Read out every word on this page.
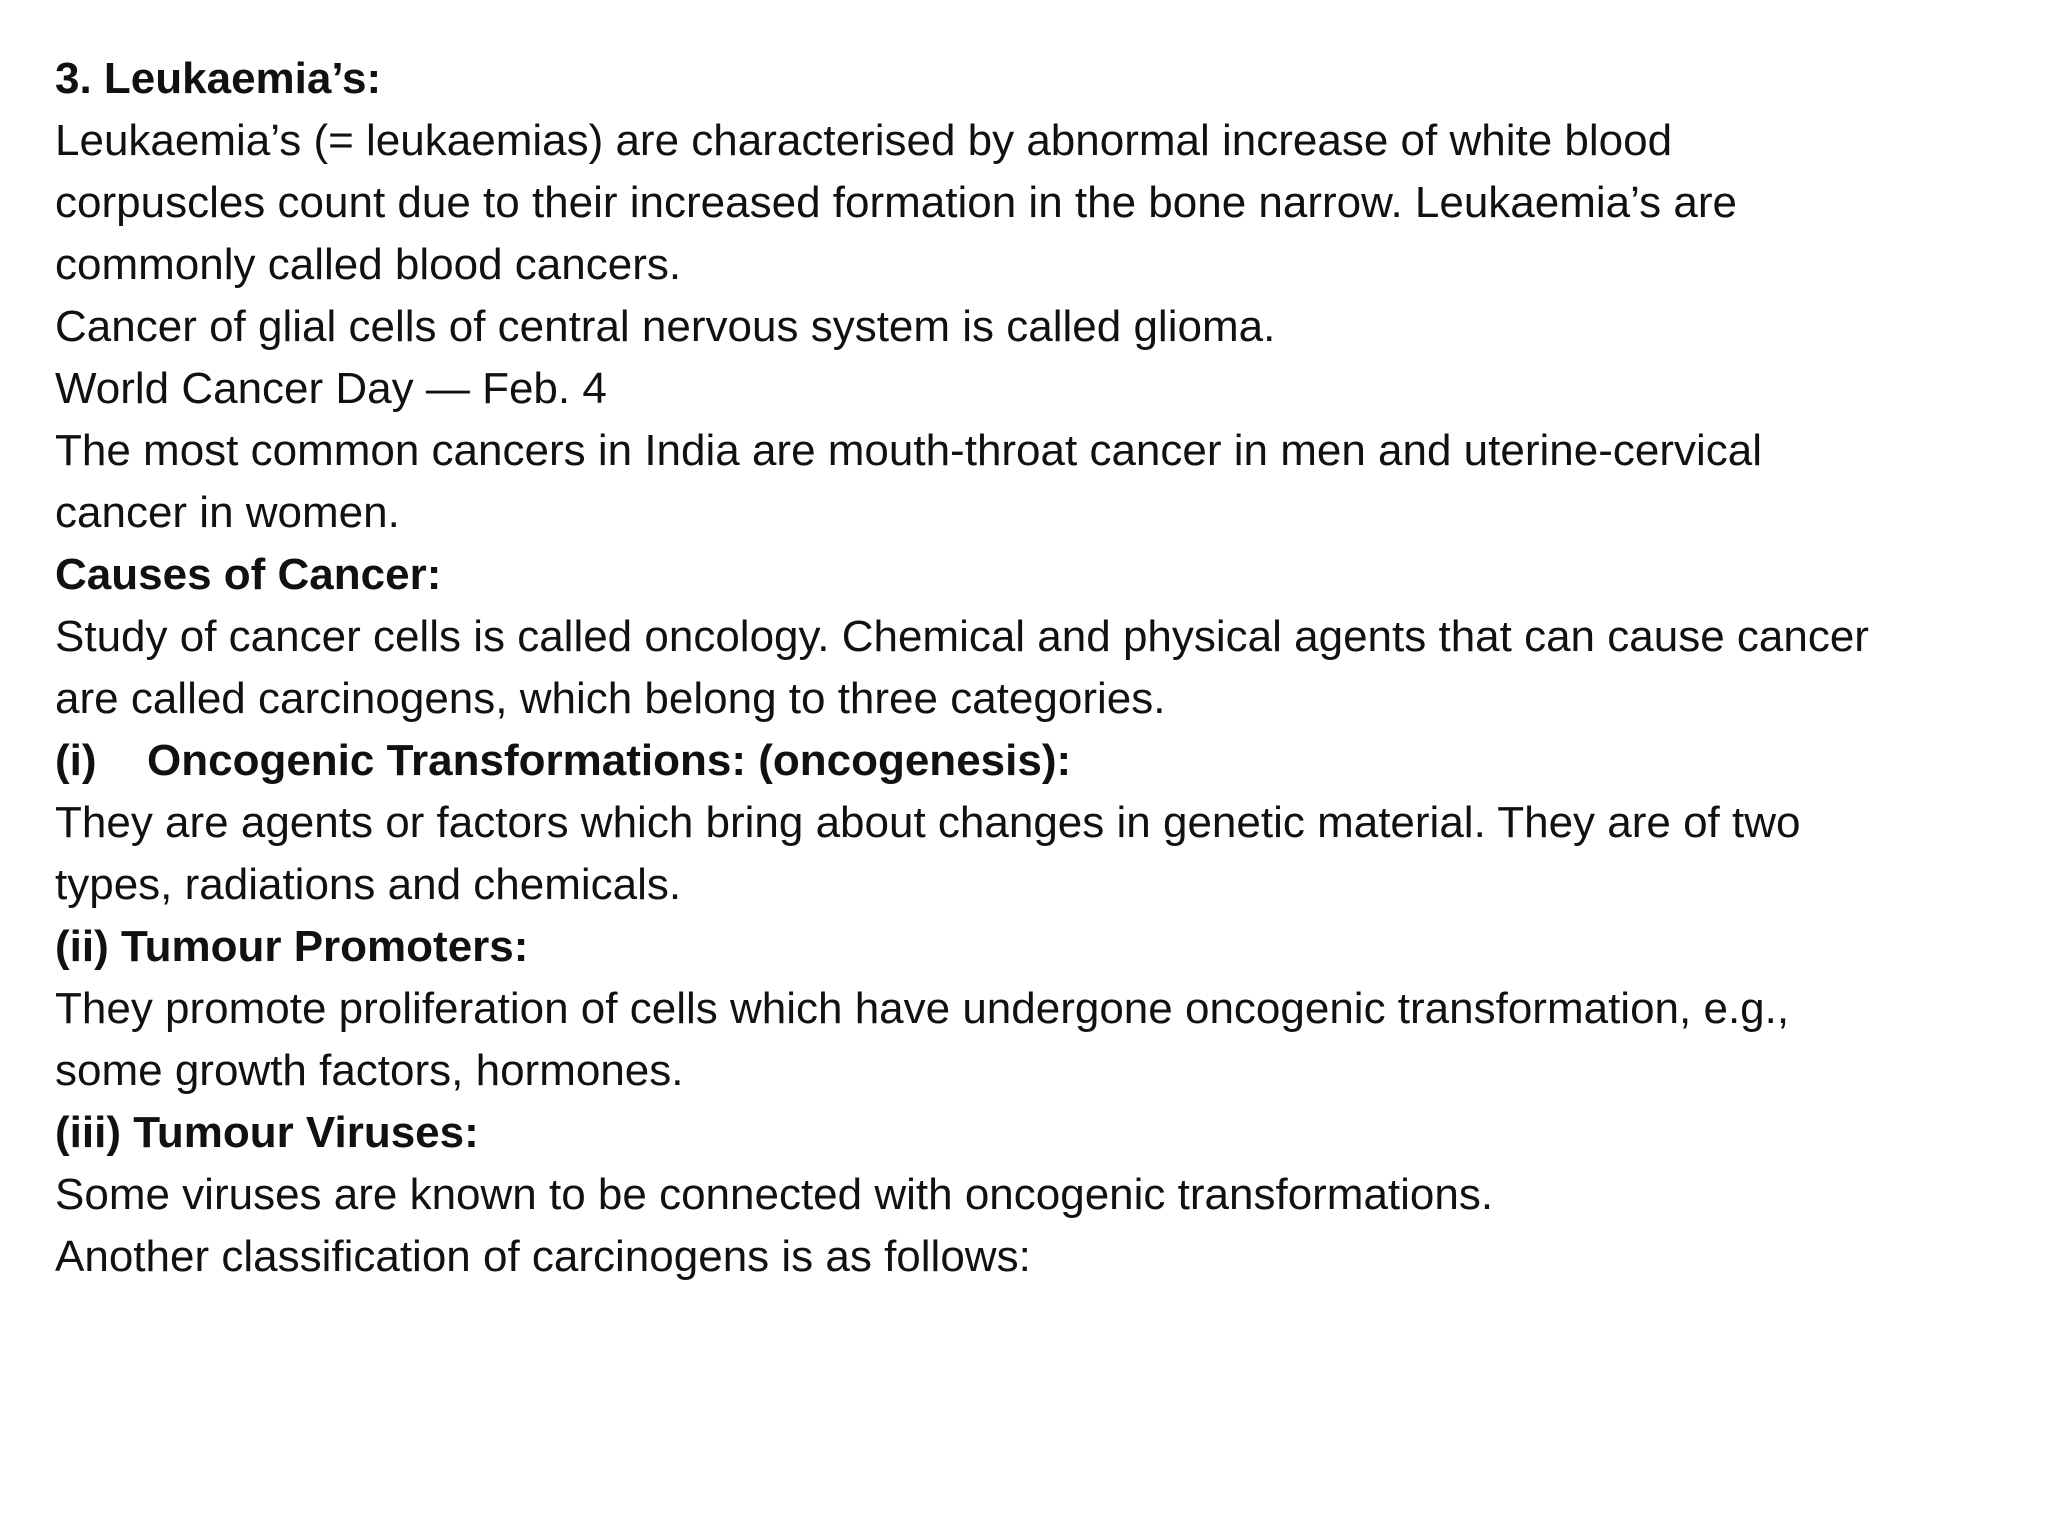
3. Leukaemia’s:
Leukaemia’s (= leukaemias) are characterised by abnormal increase of white blood
corpuscles count due to their increased formation in the bone narrow. Leukaemia’s are
commonly called blood cancers.
Cancer of glial cells of central nervous system is called glioma.
World Cancer Day — Feb. 4
The most common cancers in India are mouth-throat cancer in men and uterine-cervical
cancer in women.
Causes of Cancer:
Study of cancer cells is called oncology. Chemical and physical agents that can cause cancer
are called carcinogens, which belong to three categories.
(i) Oncogenic Transformations: (oncogenesis):
They are agents or factors which bring about changes in genetic material. They are of two
types, radiations and chemicals.
(ii) Tumour Promoters:
They promote proliferation of cells which have undergone oncogenic transformation, e.g.,
some growth factors, hormones.
(iii) Tumour Viruses:
Some viruses are known to be connected with oncogenic transformations.
Another classification of carcinogens is as follows:
